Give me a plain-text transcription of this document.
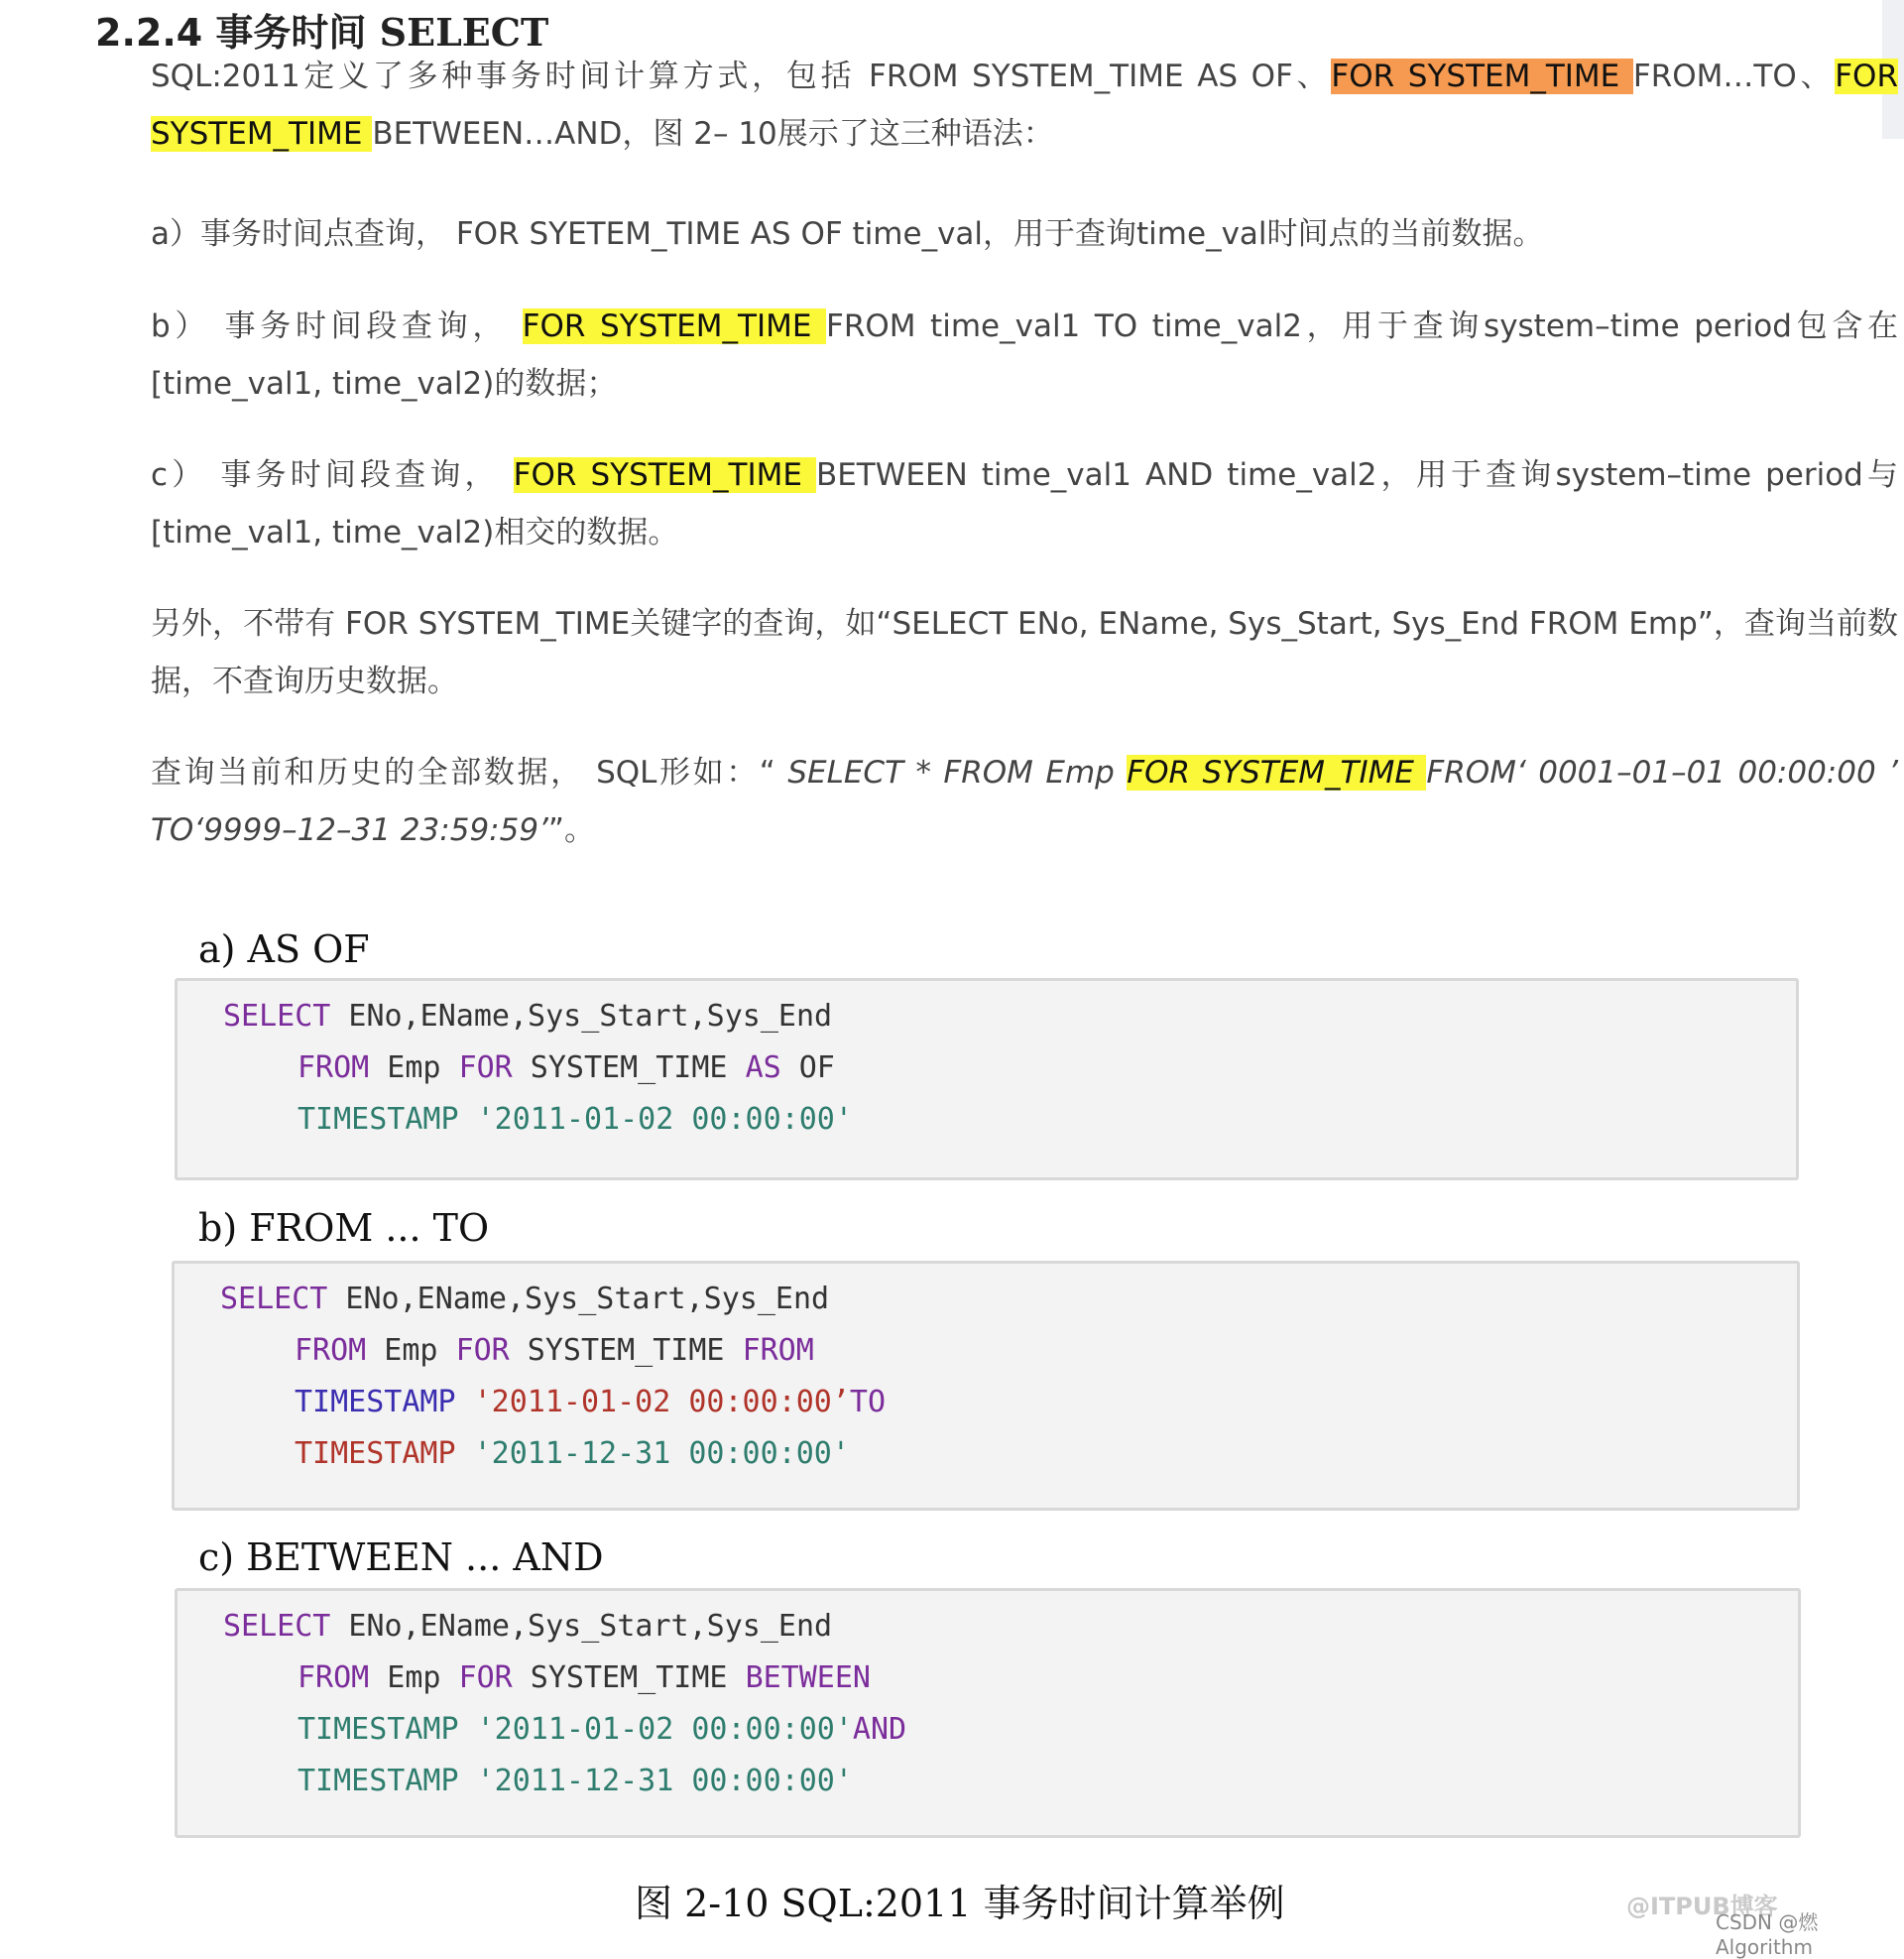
2.2.4 事务时间 SELECT
SQL:2011定义了多种事务时间计算方式，包括 FROM SYSTEM_TIME AS OF、FOR SYSTEM_TIME FROM…TO、FOR SYSTEM_TIME BETWEEN…AND，图 2– 10展示了这三种语法：
a）事务时间点查询， FOR SYETEM_TIME AS OF time_val，用于查询time_val时间点的当前数据。
b） 事务时间段查询， FOR SYSTEM_TIME FROM time_val1 TO time_val2，用于查询system–time period包含在[time_val1, time_val2)的数据；
c） 事务时间段查询， FOR SYSTEM_TIME BETWEEN time_val1 AND time_val2，用于查询system–time period与[time_val1, time_val2)相交的数据。
另外，不带有 FOR SYSTEM_TIME关键字的查询，如“SELECT ENo, EName, Sys_Start, Sys_End FROM Emp”，查询当前数据，不查询历史数据。
查询当前和历史的全部数据， SQL形如：“ SELECT * FROM Emp FOR SYSTEM_TIME FROM‘ 0001–01–01 00:00:00 ’ TO‘9999–12–31 23:59:59’”。
a) AS OF
SELECT ENo,EName,Sys_Start,Sys_End
FROM Emp FOR SYSTEM_TIME AS OF
TIMESTAMP '2011-01-02 00:00:00'
b) FROM ... TO
SELECT ENo,EName,Sys_Start,Sys_End
FROM Emp FOR SYSTEM_TIME FROM
TIMESTAMP '2011-01-02 00:00:00’TO
TIMESTAMP '2011-12-31 00:00:00'
c) BETWEEN ... AND
SELECT ENo,EName,Sys_Start,Sys_End
FROM Emp FOR SYSTEM_TIME BETWEEN
TIMESTAMP '2011-01-02 00:00:00'AND
TIMESTAMP '2011-12-31 00:00:00'
图 2-10 SQL:2011 事务时间计算举例	@ITPUB博客
CSDN @燃Algorithm
